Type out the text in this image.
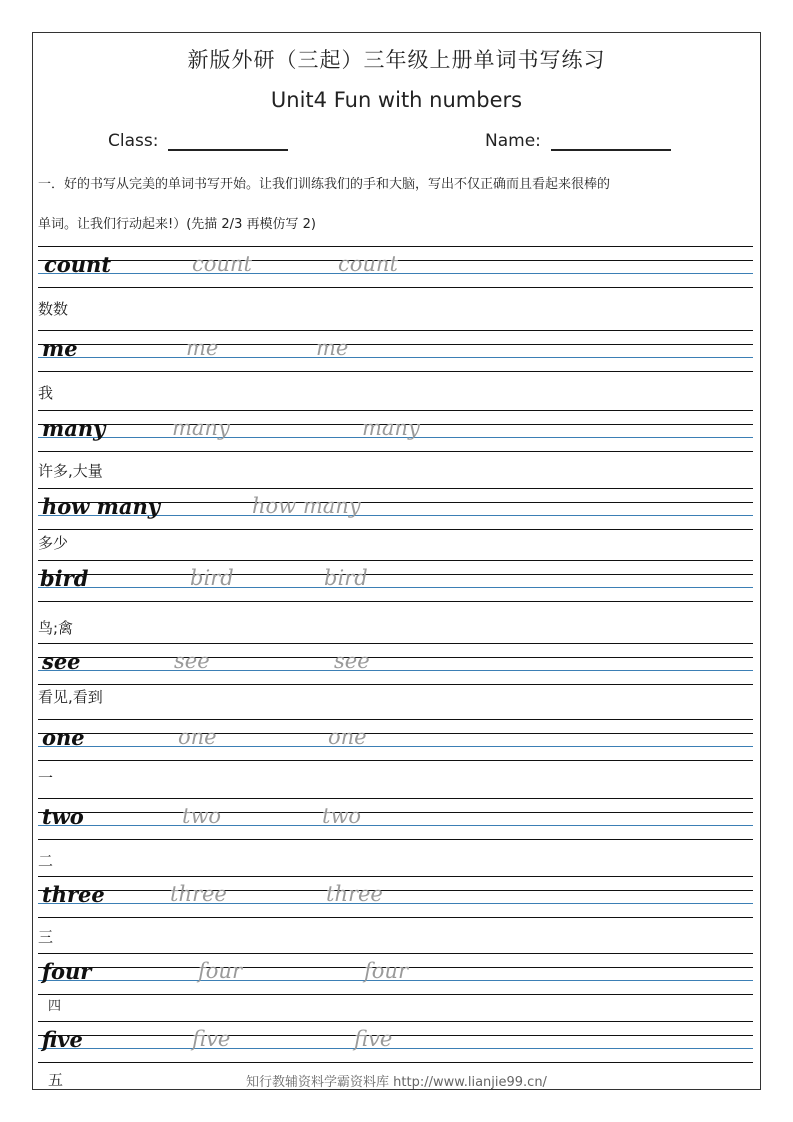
新版外研（三起）三年级上册单词书写练习
Unit4 Fun with numbers
Class:	Name:
一．好的书写从完美的单词书写开始。让我们训练我们的手和大脑，写出不仅正确而且看起来很棒的
单词。让我们行动起来!）(先描 2/3 再模仿写 2)
count	count	count
数数
me	me	me
我
many	many	many
许多,大量
how many	how many
多少
bird	bird	bird
鸟;禽
see	see	see
看见,看到
one	one	one
一
two	two	two
二
three	three	three
三
four	four	four
四
five	five	five
五	知行教辅资料学霸资料库 http://www.lianjie99.cn/
